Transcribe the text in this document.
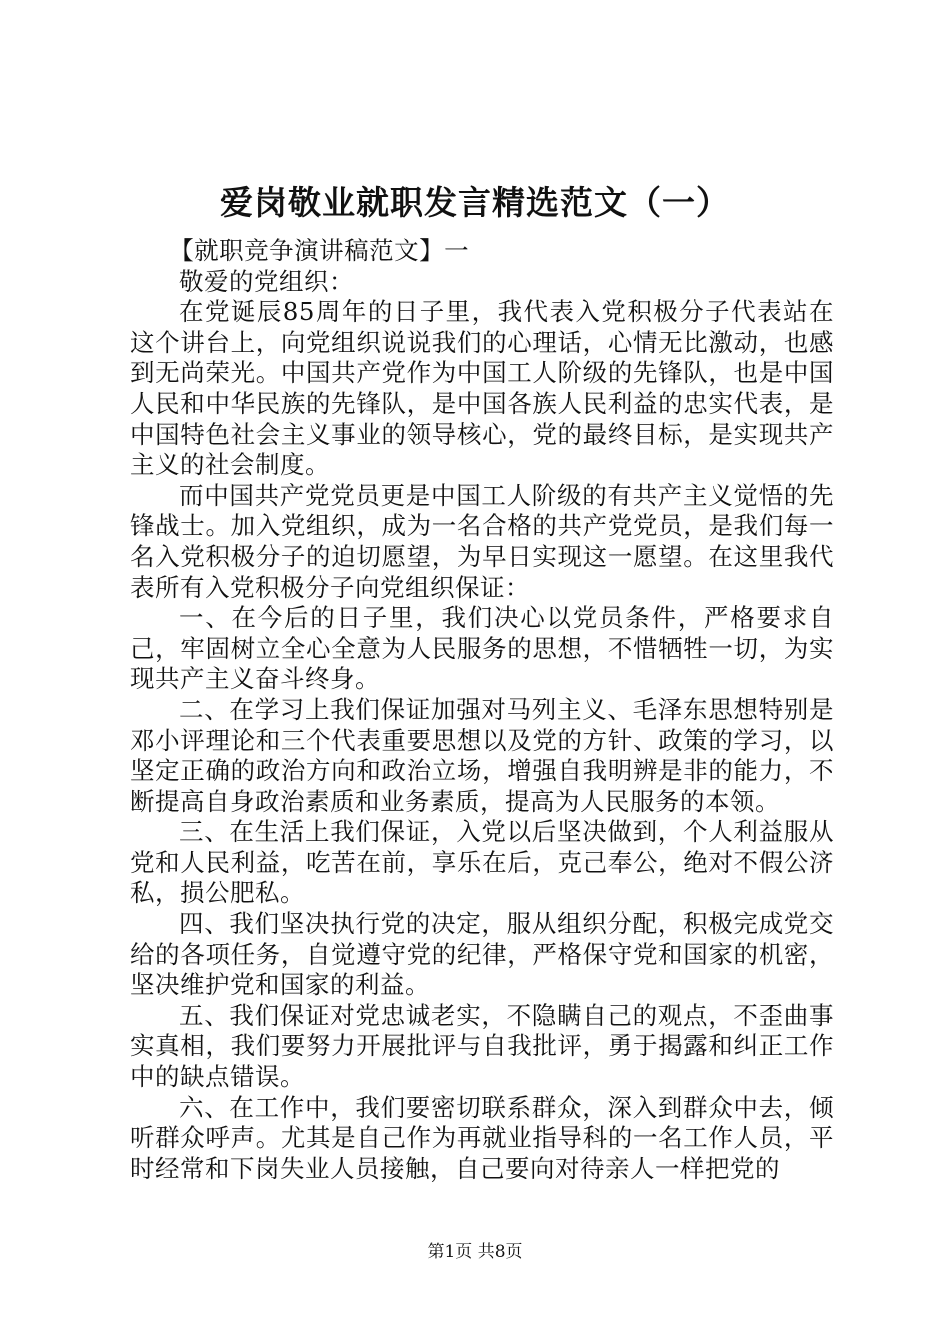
爱岗敬业就职发言精选范文（一）

【就职竞争演讲稿范文】一

敬爱的党组织：

在党诞辰85周年的日子里，我代表入党积极分子代表站在这个讲台上，向党组织说说我们的心理话，心情无比激动，也感到无尚荣光。中国共产党作为中国工人阶级的先锋队，也是中国人民和中华民族的先锋队，是中国各族人民利益的忠实代表，是中国特色社会主义事业的领导核心，党的最终目标，是实现共产主义的社会制度。

而中国共产党党员更是中国工人阶级的有共产主义觉悟的先锋战士。加入党组织，成为一名合格的共产党党员，是我们每一名入党积极分子的迫切愿望，为早日实现这一愿望。在这里我代表所有入党积极分子向党组织保证：

一、在今后的日子里，我们决心以党员条件，严格要求自己，牢固树立全心全意为人民服务的思想，不惜牺牲一切，为实现共产主义奋斗终身。

二、在学习上我们保证加强对马列主义、毛泽东思想特别是邓小评理论和三个代表重要思想以及党的方针、政策的学习，以坚定正确的政治方向和政治立场，增强自我明辨是非的能力，不断提高自身政治素质和业务素质，提高为人民服务的本领。

三、在生活上我们保证，入党以后坚决做到，个人利益服从党和人民利益，吃苦在前，享乐在后，克己奉公，绝对不假公济私，损公肥私。

四、我们坚决执行党的决定，服从组织分配，积极完成党交给的各项任务，自觉遵守党的纪律，严格保守党和国家的机密，坚决维护党和国家的利益。

五、我们保证对党忠诚老实，不隐瞒自己的观点，不歪曲事实真相，我们要努力开展批评与自我批评，勇于揭露和纠正工作中的缺点错误。

六、在工作中，我们要密切联系群众，深入到群众中去，倾听群众呼声。尤其是自己作为再就业指导科的一名工作人员，平时经常和下岗失业人员接触，自己要向对待亲人一样把党的

第1页 共8页
